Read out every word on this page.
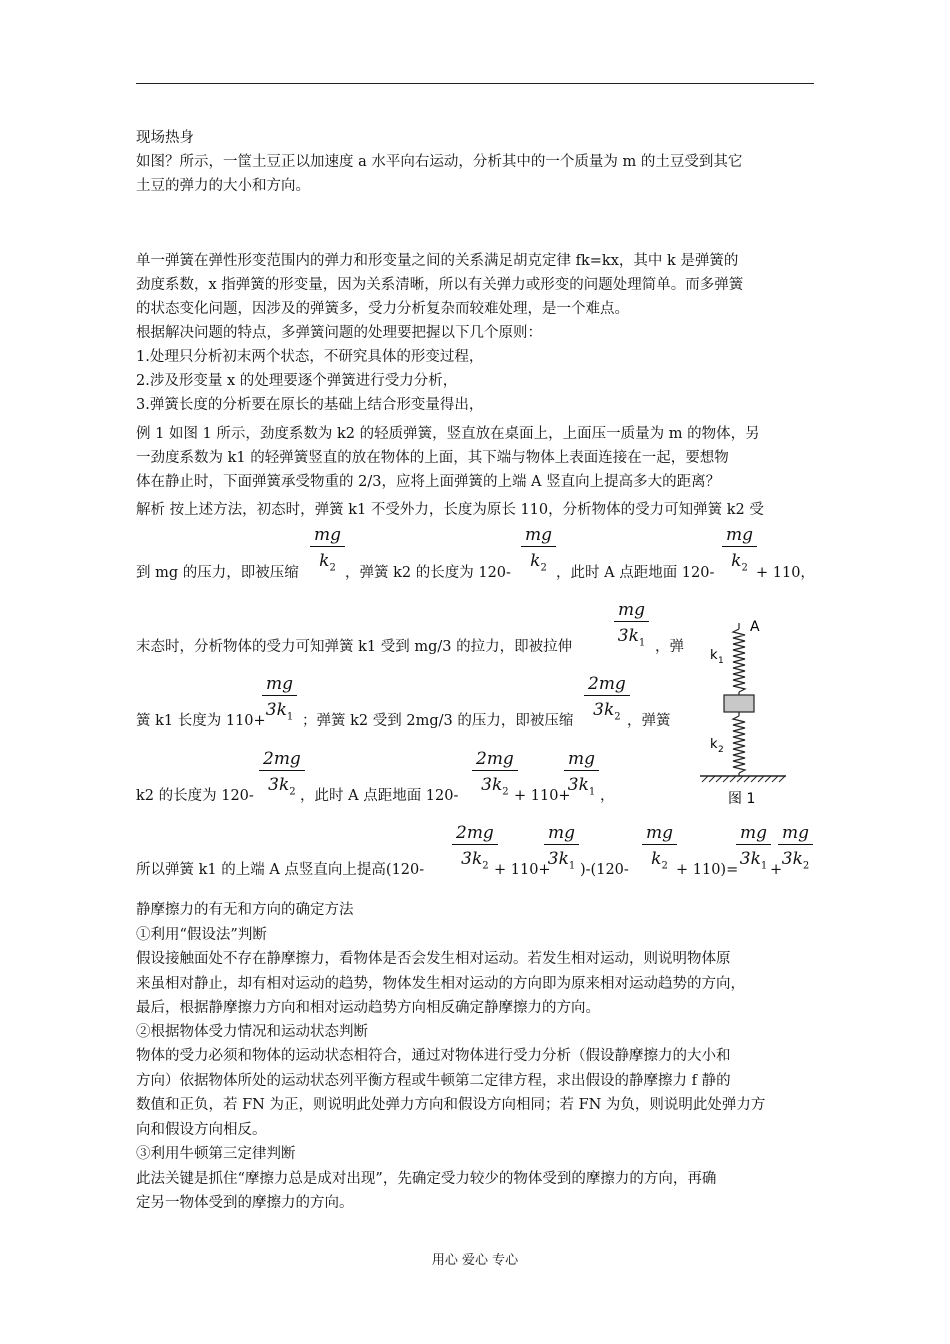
现场热身
如图？所示，一筐土豆正以加速度 a 水平向右运动，分析其中的一个质量为 m 的土豆受到其它
土豆的弹力的大小和方向。
单一弹簧在弹性形变范围内的弹力和形变量之间的关系满足胡克定律 fk=kx，其中 k 是弹簧的
劲度系数，x 指弹簧的形变量，因为关系清晰，所以有关弹力或形变的问题处理简单。而多弹簧
的状态变化问题，因涉及的弹簧多，受力分析复杂而较难处理，是一个难点。
根据解决问题的特点，多弹簧问题的处理要把握以下几个原则：
1.处理只分析初末两个状态，不研究具体的形变过程，
2.涉及形变量 x 的处理要逐个弹簧进行受力分析，
3.弹簧长度的分析要在原长的基础上结合形变量得出，
例 1 如图 1 所示，劲度系数为 k2 的轻质弹簧，竖直放在桌面上，上面压一质量为 m 的物体，另
一劲度系数为 k1 的轻弹簧竖直的放在物体的上面，其下端与物体上表面连接在一起，要想物
体在静止时，下面弹簧承受物重的 2/3，应将上面弹簧的上端 A 竖直向上提高多大的距离？
解析 按上述方法，初态时，弹簧 k1 不受外力，长度为原长 110，分析物体的受力可知弹簧 k2 受
到 mg 的压力，即被压缩 $\frac{mg}{k_2}$ ，弹簧 k2 的长度为 $120- \frac{mg}{k_2}$ ，此时 A 点距地面 $120- \frac{mg}{k_2}$
+ 110，
末态时，分析物体的受力可知弹簧 k1 受到 mg/3 的拉力，即被拉伸 $\frac{mg}{3k_1}$ ，弹
簧 k1 长度为 110+
$\frac{mg}{3k_1}$ ；弹簧 k2 受到 2mg/3 的压力，即被压缩 $\frac{2mg}{3k_2}$
，弹簧
k2 的长度为 $120- \frac{2mg}{3k_2}$
，此时 A 点距地面 $120- \frac{2mg}{3k_2}$
+ 110+
$\frac{mg}{3k_1}$ ，
所以弹簧 k1 的上端 A 点竖直向上提高($120- \frac{2mg}{3k_2}$
+ 110+
$\frac{mg}{3k_1} )-(120- \frac{mg}{k_2}$
+ 110)=
$\frac{mg}{3k_1}$
+
$\frac{mg}{3k_2}$
A
k 1
k 2
图 1
静摩擦力的有无和方向的确定方法
①利用“假设法”判断
假设接触面处不存在静摩擦力，看物体是否会发生相对运动。若发生相对运动，则说明物体原
来虽相对静止，却有相对运动的趋势，物体发生相对运动的方向即为原来相对运动趋势的方向，
最后，根据静摩擦力方向和相对运动趋势方向相反确定静摩擦力的方向。
②根据物体受力情况和运动状态判断
物体的受力必须和物体的运动状态相符合，通过对物体进行受力分析（假设静摩擦力的大小和
方向）依据物体所处的运动状态列平衡方程或牛顿第二定律方程，求出假设的静摩擦力 f 静的
数值和正负，若 FN 为正，则说明此处弹力方向和假设方向相同；若 FN 为负，则说明此处弹力方
向和假设方向相反。
③利用牛顿第三定律判断
此法关键是抓住“摩擦力总是成对出现”，先确定受力较少的物体受到的摩擦力的方向，再确
定另一物体受到的摩擦力的方向。
用心 爱心 专心
